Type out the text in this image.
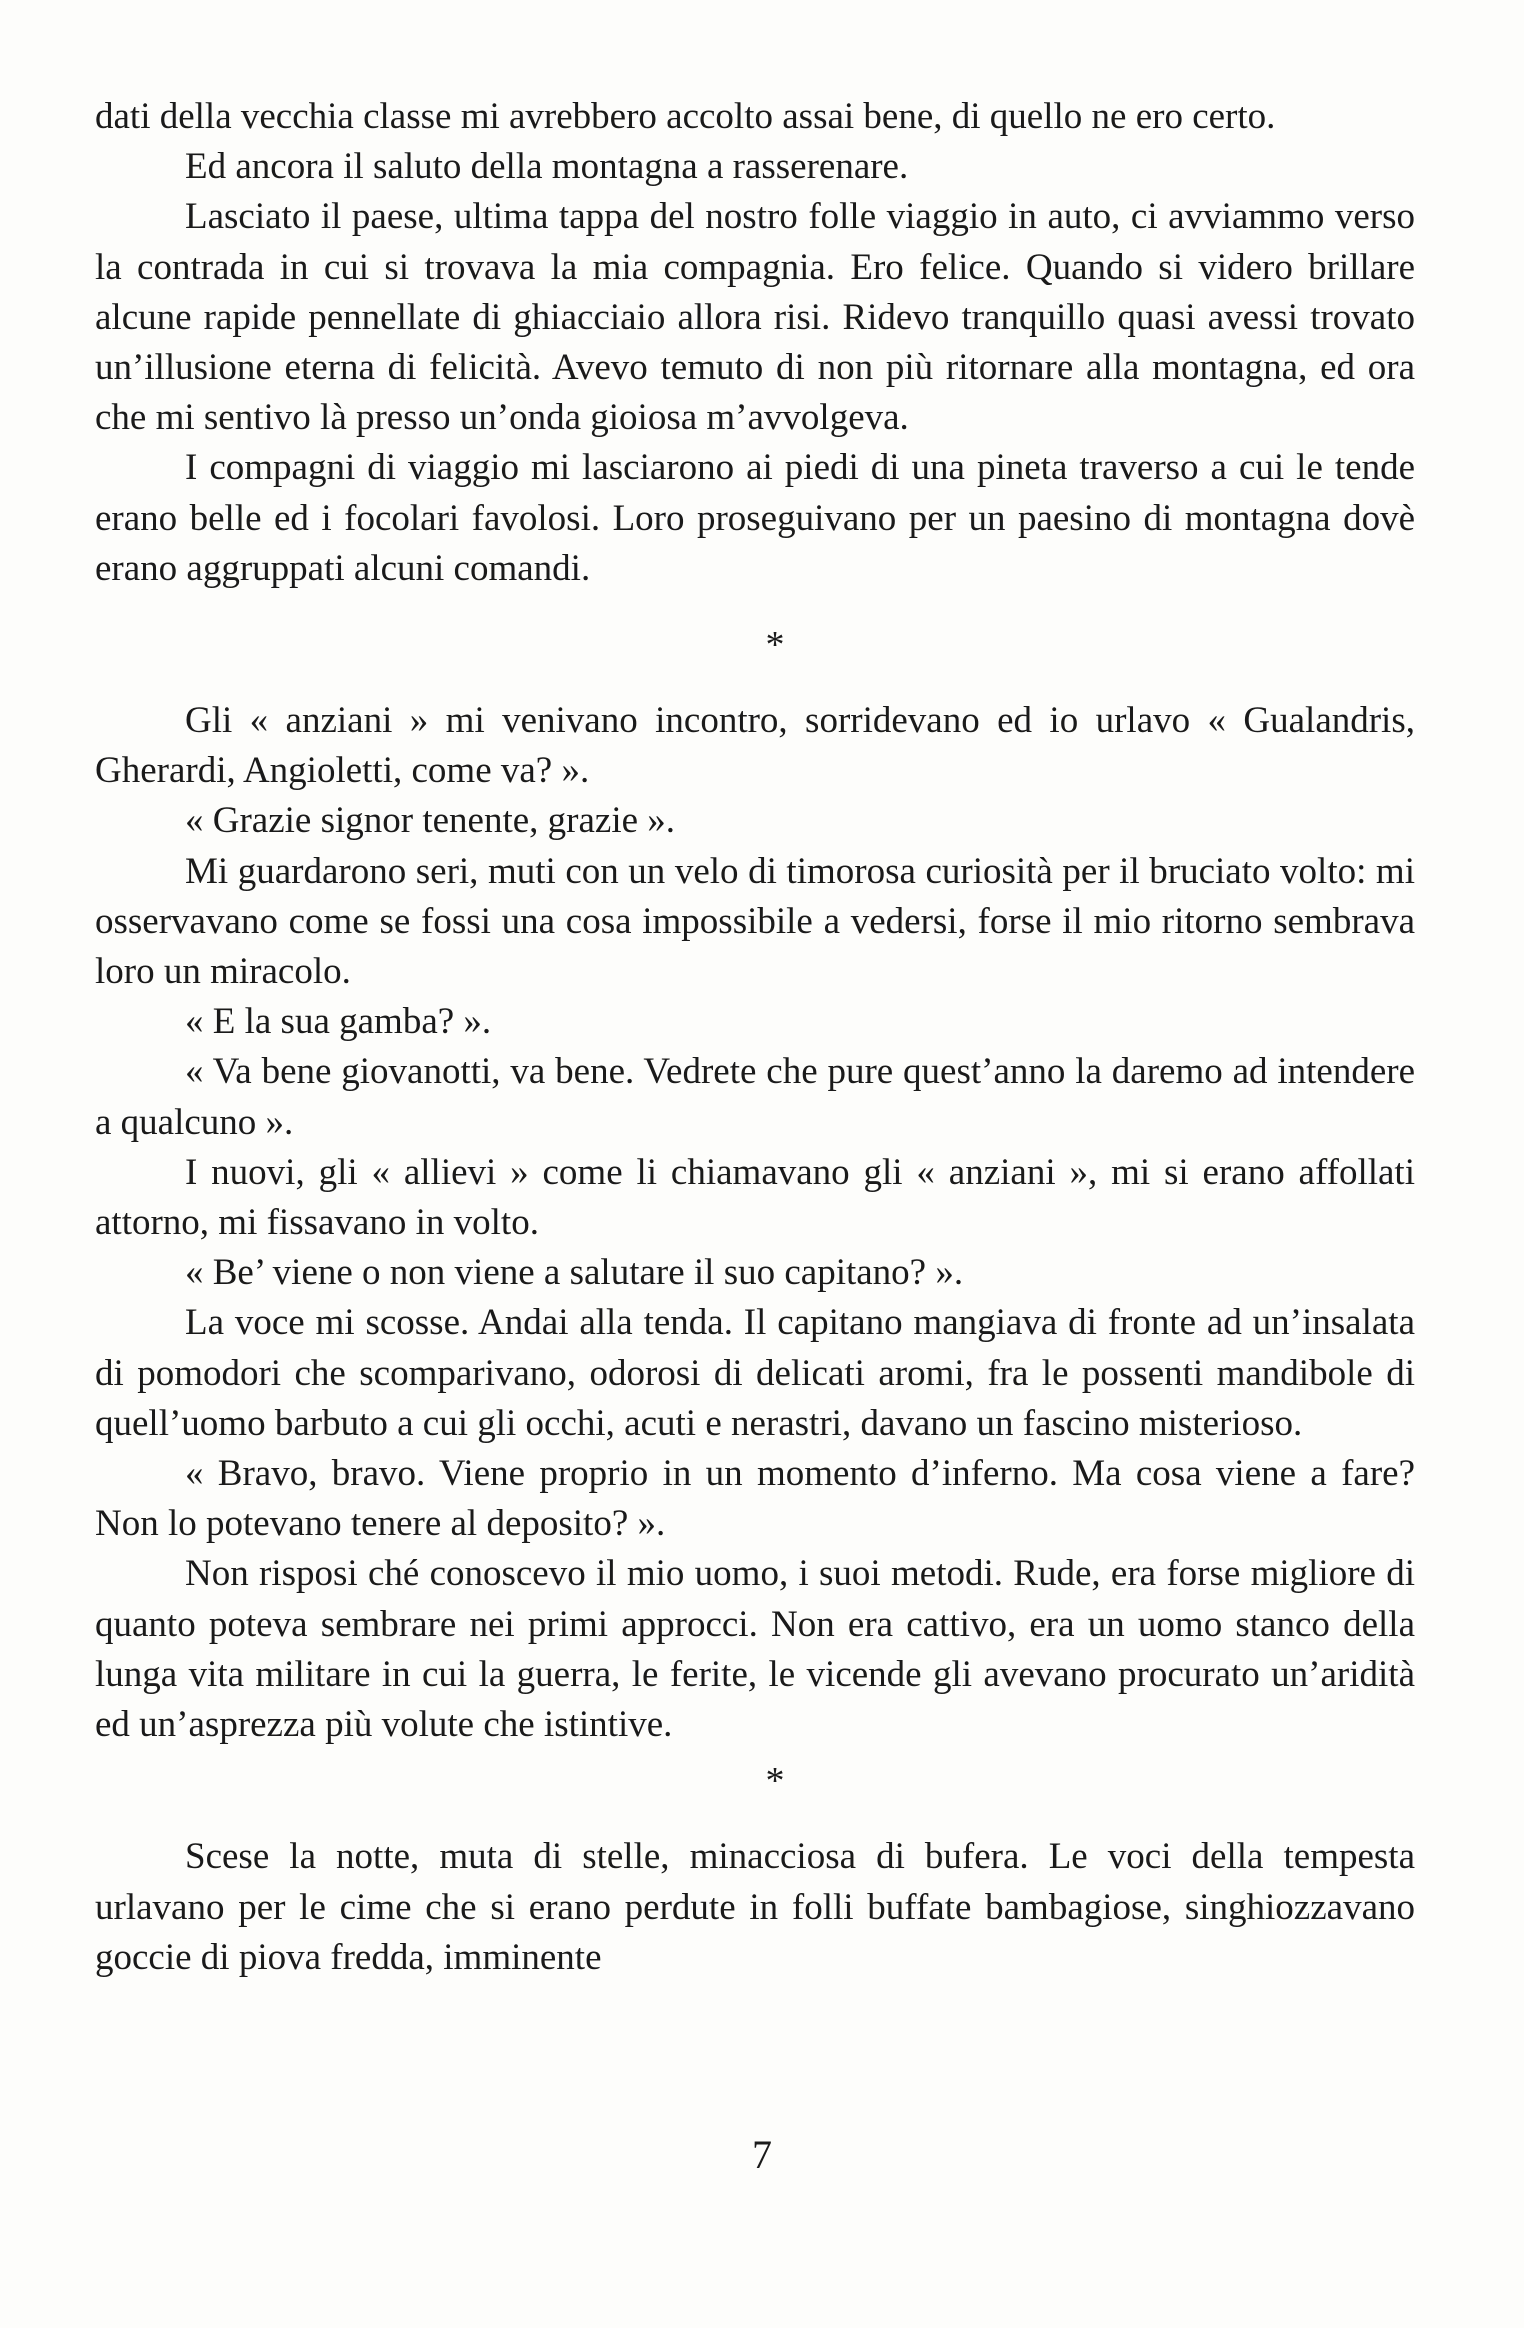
dati della vecchia classe mi avrebbero accolto assai bene, di quello ne ero certo.

Ed ancora il saluto della montagna a rasserenare.

Lasciato il paese, ultima tappa del nostro folle viaggio in auto, ci avviammo verso la contrada in cui si trovava la mia compagnia. Ero felice. Quando si videro brillare alcune rapide pennellate di ghiacciaio allora risi. Ridevo tranquillo quasi avessi trovato un’illusione eterna di felicità. Avevo temuto di non più ritornare alla montagna, ed ora che mi sentivo là presso un’onda gioiosa m’avvolgeva.

I compagni di viaggio mi lasciarono ai piedi di una pineta traverso a cui le tende erano belle ed i focolari favolosi. Loro proseguivano per un paesino di montagna dovè erano aggruppati alcuni comandi.

*

Gli « anziani » mi venivano incontro, sorridevano ed io urlavo « Gualandris, Gherardi, Angioletti, come va? ».

« Grazie signor tenente, grazie ».

Mi guardarono seri, muti con un velo di timorosa curiosità per il bruciato volto: mi osservavano come se fossi una cosa impossibile a vedersi, forse il mio ritorno sembrava loro un miracolo.

« E la sua gamba? ».

« Va bene giovanotti, va bene. Vedrete che pure quest’anno la daremo ad intendere a qualcuno ».

I nuovi, gli « allievi » come li chiamavano gli « anziani », mi si erano affollati attorno, mi fissavano in volto.

« Be’ viene o non viene a salutare il suo capitano? ».

La voce mi scosse. Andai alla tenda. Il capitano mangiava di fronte ad un’insalata di pomodori che scomparivano, odorosi di delicati aromi, fra le possenti mandibole di quell’uomo barbuto a cui gli occhi, acuti e nerastri, davano un fascino misterioso.

« Bravo, bravo. Viene proprio in un momento d’inferno. Ma cosa viene a fare? Non lo potevano tenere al deposito? ».

Non risposi ché conoscevo il mio uomo, i suoi metodi. Rude, era forse migliore di quanto poteva sembrare nei primi approcci. Non era cattivo, era un uomo stanco della lunga vita militare in cui la guerra, le ferite, le vicende gli avevano procurato un’aridità ed un’asprezza più volute che istintive.

*

Scese la notte, muta di stelle, minacciosa di bufera. Le voci della tempesta urlavano per le cime che si erano perdute in folli buffate bambagiose, singhiozzavano goccie di piova fredda, imminente

7
